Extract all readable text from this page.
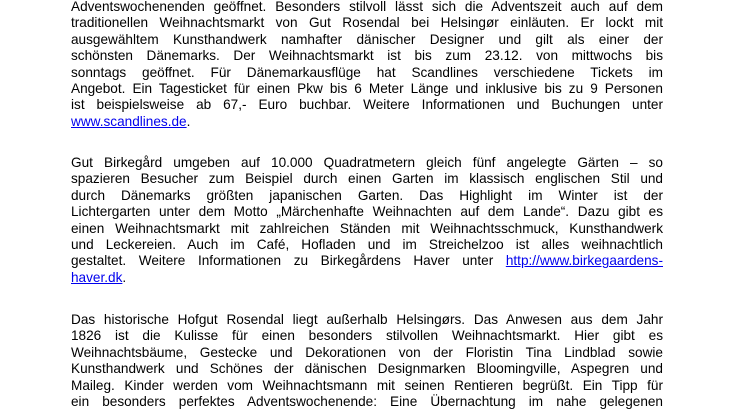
Adventswochenenden geöffnet. Besonders stilvoll lässt sich die Adventszeit auch auf dem
traditionellen Weihnachtsmarkt von Gut Rosendal bei Helsingør einläuten. Er lockt mit
ausgewähltem Kunsthandwerk namhafter dänischer Designer und gilt als einer der
schönsten Dänemarks. Der Weihnachtsmarkt ist bis zum 23.12. von mittwochs bis
sonntags geöffnet. Für Dänemarkausflüge hat Scandlines verschiedene Tickets im
Angebot. Ein Tagesticket für einen Pkw bis 6 Meter Länge und inklusive bis zu 9 Personen
ist beispielsweise ab 67,- Euro buchbar. Weitere Informationen und Buchungen unter
www.scandlines.de.
Gut Birkegård umgeben auf 10.000 Quadratmetern gleich fünf angelegte Gärten – so
spazieren Besucher zum Beispiel durch einen Garten im klassisch englischen Stil und
durch Dänemarks größten japanischen Garten. Das Highlight im Winter ist der
Lichtergarten unter dem Motto „Märchenhafte Weihnachten auf dem Lande“. Dazu gibt es
einen Weihnachtsmarkt mit zahlreichen Ständen mit Weihnachtsschmuck, Kunsthandwerk
und Leckereien. Auch im Café, Hofladen und im Streichelzoo ist alles weihnachtlich
gestaltet. Weitere Informationen zu Birkegårdens Haver unter http://www.birkegaardens-
haver.dk.
Das historische Hofgut Rosendal liegt außerhalb Helsingørs. Das Anwesen aus dem Jahr
1826 ist die Kulisse für einen besonders stilvollen Weihnachtsmarkt. Hier gibt es
Weihnachtsbäume, Gestecke und Dekorationen von der Floristin Tina Lindblad sowie
Kunsthandwerk und Schönes der dänischen Designmarken Bloomingville, Aspegren und
Maileg. Kinder werden vom Weihnachtsmann mit seinen Rentieren begrüßt. Ein Tipp für
ein besonders perfektes Adventswochenende: Eine Übernachtung im nahe gelegenen
